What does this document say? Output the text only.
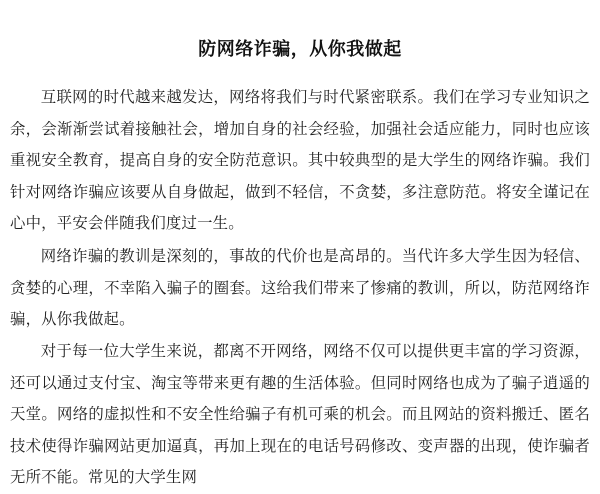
防网络诈骗，从你我做起

互联网的时代越来越发达，网络将我们与时代紧密联系。我们在学习专业知识之余，会渐渐尝试着接触社会，增加自身的社会经验，加强社会适应能力，同时也应该重视安全教育，提高自身的安全防范意识。其中较典型的是大学生的网络诈骗。我们针对网络诈骗应该要从自身做起，做到不轻信，不贪婪，多注意防范。将安全谨记在心中，平安会伴随我们度过一生。

网络诈骗的教训是深刻的，事故的代价也是高昂的。当代许多大学生因为轻信、贪婪的心理，不幸陷入骗子的圈套。这给我们带来了惨痛的教训，所以，防范网络诈骗，从你我做起。

对于每一位大学生来说，都离不开网络，网络不仅可以提供更丰富的学习资源，还可以通过支付宝、淘宝等带来更有趣的生活体验。但同时网络也成为了骗子逍遥的天堂。网络的虚拟性和不安全性给骗子有机可乘的机会。而且网站的资料搬迁、匿名技术使得诈骗网站更加逼真，再加上现在的电话号码修改、变声器的出现，使诈骗者无所不能。常见的大学生网
